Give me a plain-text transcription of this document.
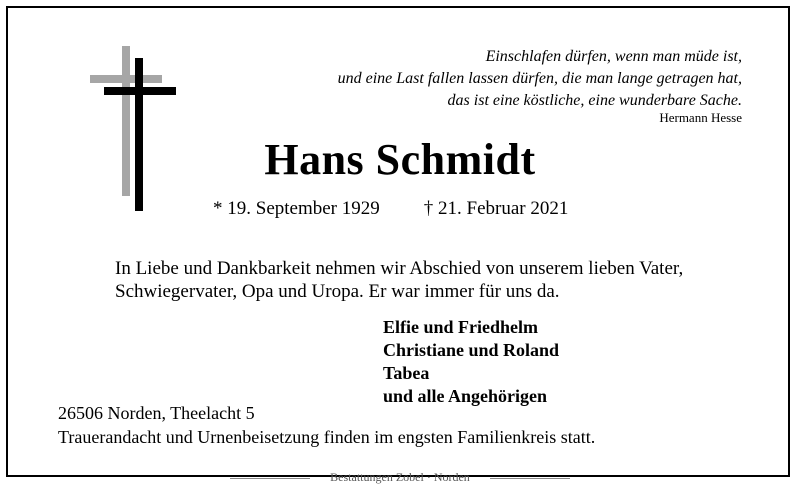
Einschlafen dürfen, wenn man müde ist,
und eine Last fallen lassen dürfen, die man lange getragen hat,
das ist eine köstliche, eine wunderbare Sache.
Hermann Hesse
Hans Schmidt
* 19. September 1929 † 21. Februar 2021
In Liebe und Dankbarkeit nehmen wir Abschied von unserem lieben Vater,
Schwiegervater, Opa und Uropa. Er war immer für uns da.
Elfie und Friedhelm
Christiane und Roland
Tabea
und alle Angehörigen
26506 Norden, Theelacht 5
Trauerandacht und Urnenbeisetzung finden im engsten Familienkreis statt.
Bestattungen Zobel · Norden
